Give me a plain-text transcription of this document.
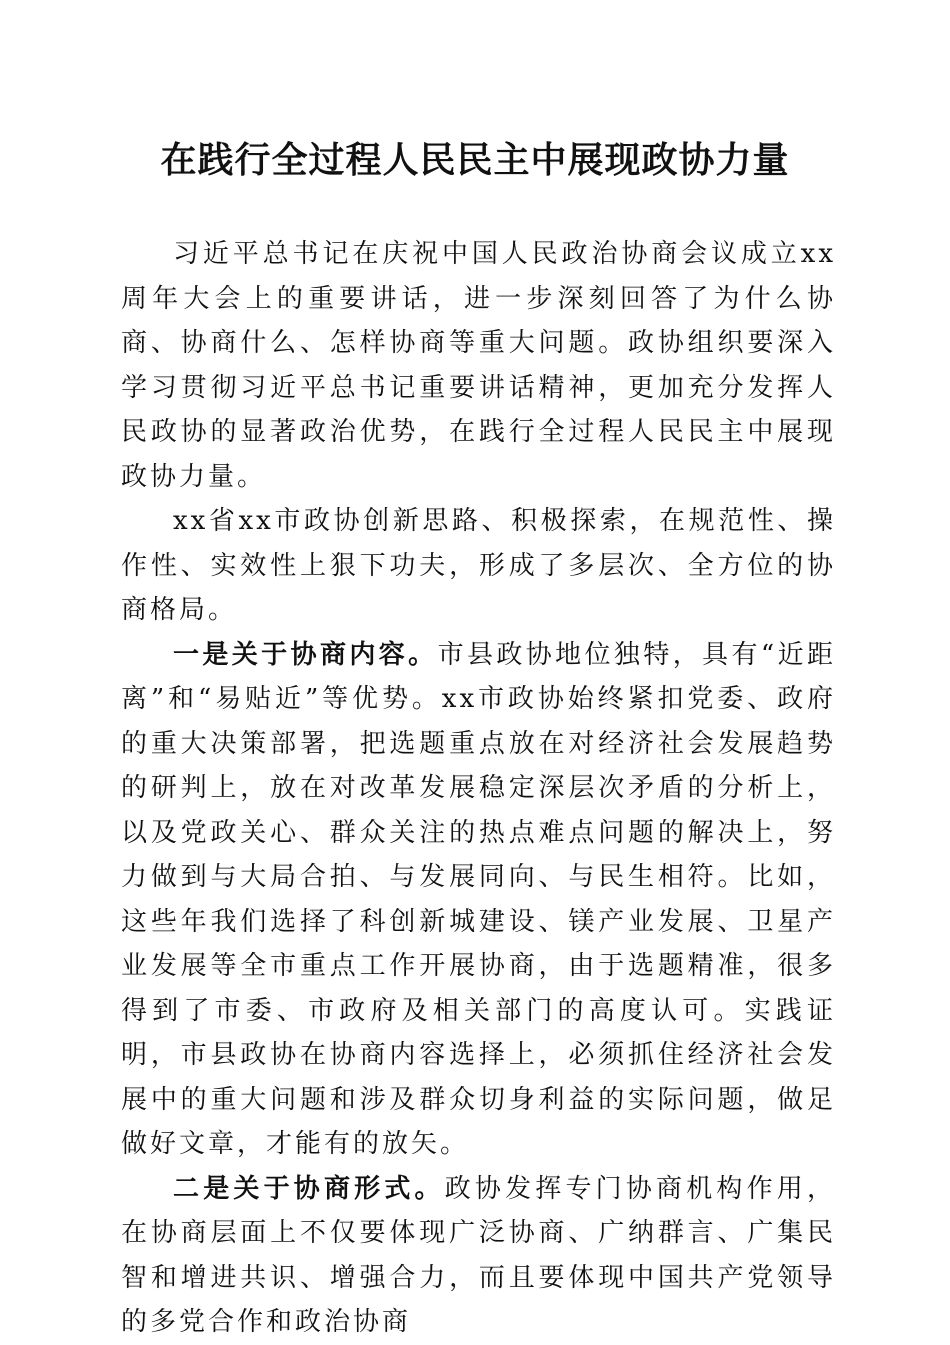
在践行全过程人民民主中展现政协力量

习近平总书记在庆祝中国人民政治协商会议成立xx周年大会上的重要讲话，进一步深刻回答了为什么协商、协商什么、怎样协商等重大问题。政协组织要深入学习贯彻习近平总书记重要讲话精神，更加充分发挥人民政协的显著政治优势，在践行全过程人民民主中展现政协力量。

xx省xx市政协创新思路、积极探索，在规范性、操作性、实效性上狠下功夫，形成了多层次、全方位的协商格局。

一是关于协商内容。市县政协地位独特，具有“近距离”和“易贴近”等优势。xx市政协始终紧扣党委、政府的重大决策部署，把选题重点放在对经济社会发展趋势的研判上，放在对改革发展稳定深层次矛盾的分析上，以及党政关心、群众关注的热点难点问题的解决上，努力做到与大局合拍、与发展同向、与民生相符。比如，这些年我们选择了科创新城建设、镁产业发展、卫星产业发展等全市重点工作开展协商，由于选题精准，很多得到了市委、市政府及相关部门的高度认可。实践证明，市县政协在协商内容选择上，必须抓住经济社会发展中的重大问题和涉及群众切身利益的实际问题，做足做好文章，才能有的放矢。

二是关于协商形式。政协发挥专门协商机构作用，在协商层面上不仅要体现广泛协商、广纳群言、广集民智和增进共识、增强合力，而且要体现中国共产党领导的多党合作和政治协商
